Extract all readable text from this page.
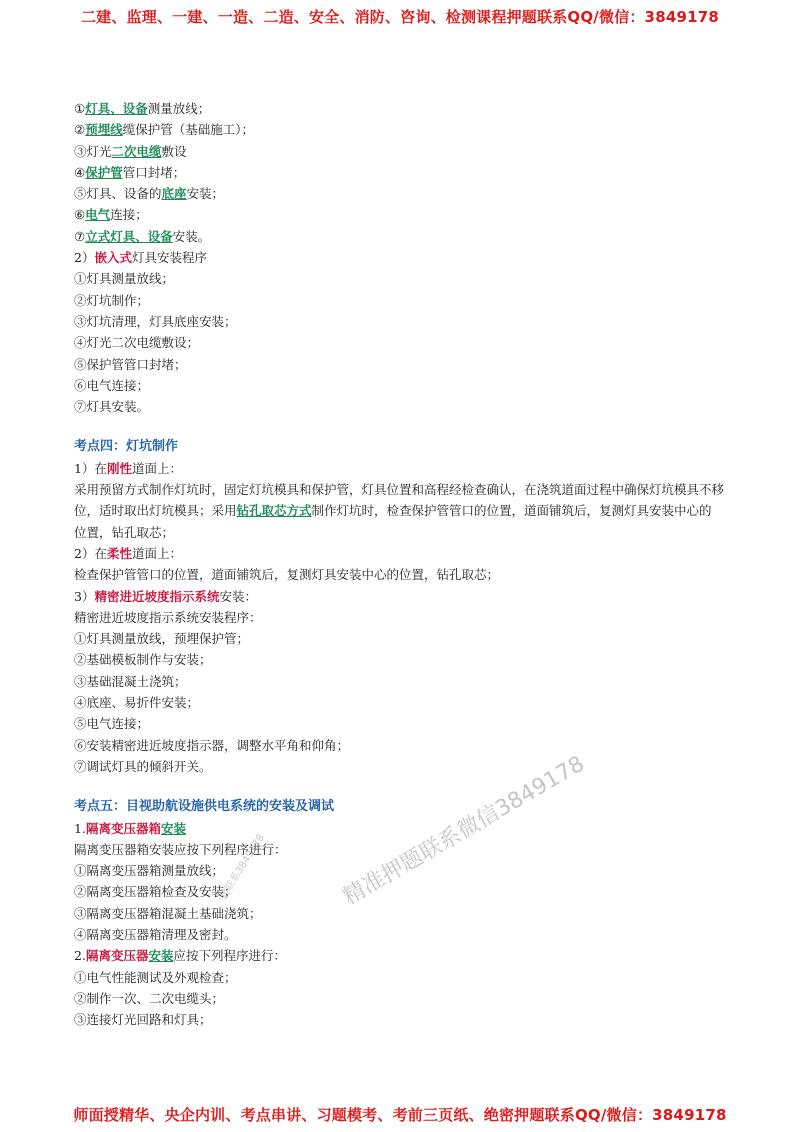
二建、监理、一建、一造、二造、安全、消防、咨询、检测课程押题联系QQ/微信：3849178
①灯具、设备测量放线；
②预埋线缆保护管（基础施工）；
③灯光二次电缆敷设
④保护管管口封堵；
⑤灯具、设备的底座安装；
⑥电气连接；
⑦立式灯具、设备安装。
2）嵌入式灯具安装程序
①灯具测量放线；
②灯坑制作；
③灯坑清理，灯具底座安装；
④灯光二次电缆敷设；
⑤保护管管口封堵；
⑥电气连接；
⑦灯具安装。
考点四：灯坑制作
1）在刚性道面上：
采用预留方式制作灯坑时，固定灯坑模具和保护管，灯具位置和高程经检查确认，在浇筑道面过程中确保灯坑模具不移位，适时取出灯坑模具；采用钻孔取芯方式制作灯坑时，检查保护管管口的位置，道面铺筑后，复测灯具安装中心的位置，钻孔取芯；
2）在柔性道面上：
检查保护管管口的位置，道面铺筑后，复测灯具安装中心的位置，钻孔取芯；
3）精密进近坡度指示系统安装：
精密进近坡度指示系统安装程序：
①灯具测量放线，预埋保护管；
②基础模板制作与安装；
③基础混凝土浇筑；
④底座、易折件安装；
⑤电气连接；
⑥安装精密进近坡度指示器，调整水平角和仰角；
⑦调试灯具的倾斜开关。
考点五：目视助航设施供电系统的安装及调试
1.隔离变压器箱安装
隔离变压器箱安装应按下列程序进行：
①隔离变压器箱测量放线；
②隔离变压器箱检查及安装；
③隔离变压器箱混凝土基础浇筑；
④隔离变压器箱清理及密封。
2.隔离变压器安装应按下列程序进行：
①电气性能测试及外观检查；
②制作一次、二次电缆头；
③连接灯光回路和灯具；
精准押题联系微信3849178
一建联系3849178
师面授精华、央企内训、考点串讲、习题模考、考前三页纸、绝密押题联系QQ/微信：3849178
